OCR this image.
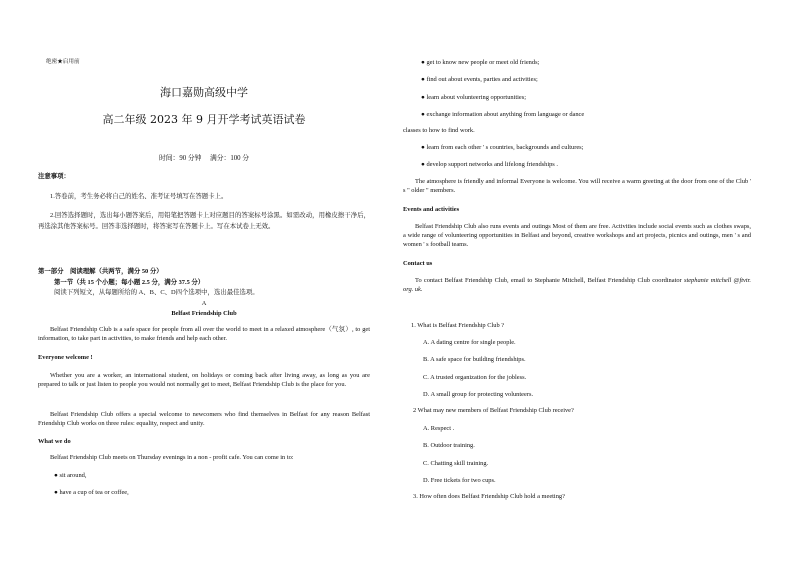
绝密★启用前

海口嘉勋高级中学

高二年级 2023 年 9 月开学考试英语试卷

时间：90 分钟　 满分：100 分

注意事项：

1.答卷前，考生务必将自己的姓名、准考证号填写在答题卡上。

2.回答选择题时，选出每小题答案后，用铅笔把答题卡上对应题目的答案标号涂黑。如需改动，用橡皮擦干净后，再选涂其他答案标号。回答非选择题时，将答案写在答题卡上。写在本试卷上无效。

第一部分　阅读理解（共两节，满分 50 分）

第一节（共 15 个小题；每小题 2.5 分，满分 37.5 分）

阅读下列短文，从每题所给的 A、B、C、D四个选项中，选出最佳选项。

A

Belfast Friendship Club

Belfast Friendship Club is a safe space for people from all over the world to meet in a relaxed atmosphere（气氛）, to get information, to take part in activities, to make friends and help each other.

Everyone welcome !

Whether you are a worker, an international student, on holidays or coming back after living away, as long as you are prepared to talk or just listen to people you would not normally get to meet, Belfast Friendship Club is the place for you.

Belfast Friendship Club offers a special welcome to newcomers who find themselves in Belfast for any reason Belfast Friendship Club works on three rules: equality, respect and unity.

What we do

Belfast Friendship Club meets on Thursday evenings in a non - profit cafe. You can come in to:

● sit around,

● have a cup of tea or coffee,

● get to know new people or meet old friends;

● find out about events, parties and activities;

● learn about volunteering opportunities;

● exchange information about anything from language or dance

classes to how to find work.

● learn from each other ' s countries, backgrounds and cultures;

● develop support networks and lifelong friendships .

The atmosphere is friendly and informal Everyone is welcome. You will receive a warm greeting at the door from one of the Club ' s " older " members.

Events and activities

Belfast Friendship Club also runs events and outings Most of them are free. Activities include social events such as clothes swaps, a wide range of volunteering opportunities in Belfast and beyond, creative workshops and art projects, picnics and outings, men ' s and women ' s football teams.

Contact us

To contact Belfast Friendship Club, email to Stephanie Mitchell, Belfast Friendship Club coordinator stephanie mitchell @ftvtr. org. uk.

1. What is Belfast Friendship Club ?

A. A dating centre for single people.

B. A safe space for building friendships.

C. A trusted organization for the jobless.

D. A small group for protecting volunteers.

2 What may new members of Belfast Friendship Club receive?

A. Respect .

B. Outdoor training.

C. Chatting skill training.

D. Free tickets for two cups.

3. How often does Belfast Friendship Club hold a meeting?
